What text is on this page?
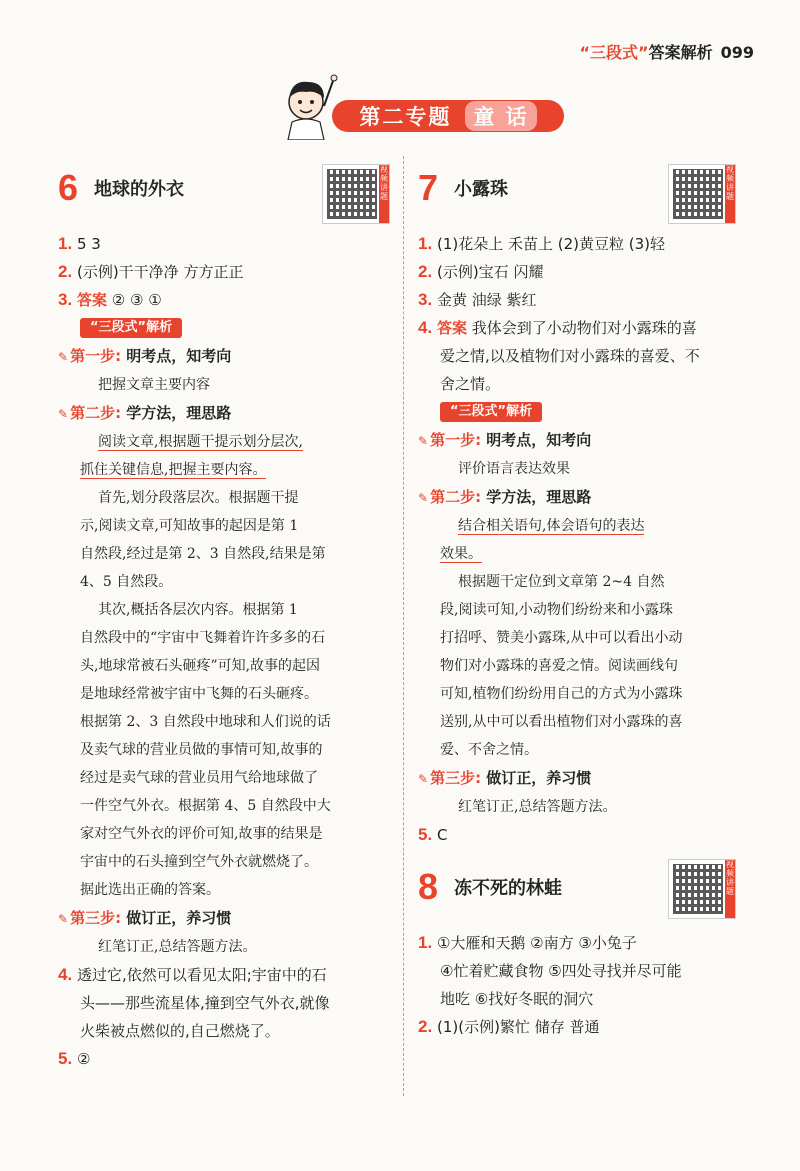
“三段式”答案解析 099
第二专题	童 话
6 地球的外衣
视频讲题
1. 5 3
2. (示例)干干净净 方方正正
3. 答案 ② ③ ①
“三段式”解析
✎ 第一步: 明考点，知考向
把握文章主要内容
✎ 第二步: 学方法，理思路
阅读文章,根据题干提示划分层次,
抓住关键信息,把握主要内容。
首先,划分段落层次。根据题干提
示,阅读文章,可知故事的起因是第 1
自然段,经过是第 2、3 自然段,结果是第
4、5 自然段。
其次,概括各层次内容。根据第 1
自然段中的“宇宙中飞舞着许许多多的石
头,地球常被石头砸疼”可知,故事的起因
是地球经常被宇宙中飞舞的石头砸疼。
根据第 2、3 自然段中地球和人们说的话
及卖气球的营业员做的事情可知,故事的
经过是卖气球的营业员用气给地球做了
一件空气外衣。根据第 4、5 自然段中大
家对空气外衣的评价可知,故事的结果是
宇宙中的石头撞到空气外衣就燃烧了。
据此选出正确的答案。
✎ 第三步: 做订正，养习惯
红笔订正,总结答题方法。
4. 透过它,依然可以看见太阳;宇宙中的石
头——那些流星体,撞到空气外衣,就像
火柴被点燃似的,自己燃烧了。
5. ②
7 小露珠
视频讲题
1. (1)花朵上 禾苗上 (2)黄豆粒 (3)轻
2. (示例)宝石 闪耀
3. 金黄 油绿 紫红
4. 答案 我体会到了小动物们对小露珠的喜
爱之情,以及植物们对小露珠的喜爱、不
舍之情。
“三段式”解析
✎ 第一步: 明考点，知考向
评价语言表达效果
✎ 第二步: 学方法，理思路
结合相关语句,体会语句的表达
效果。
根据题干定位到文章第 2~4 自然
段,阅读可知,小动物们纷纷来和小露珠
打招呼、赞美小露珠,从中可以看出小动
物们对小露珠的喜爱之情。阅读画线句
可知,植物们纷纷用自己的方式为小露珠
送别,从中可以看出植物们对小露珠的喜
爱、不舍之情。
✎ 第三步: 做订正，养习惯
红笔订正,总结答题方法。
5. C
8 冻不死的林蛙
视频讲题
1. ①大雁和天鹅 ②南方 ③小兔子
④忙着贮藏食物 ⑤四处寻找并尽可能
地吃 ⑥找好冬眠的洞穴
2. (1)(示例)繁忙 储存 普通
